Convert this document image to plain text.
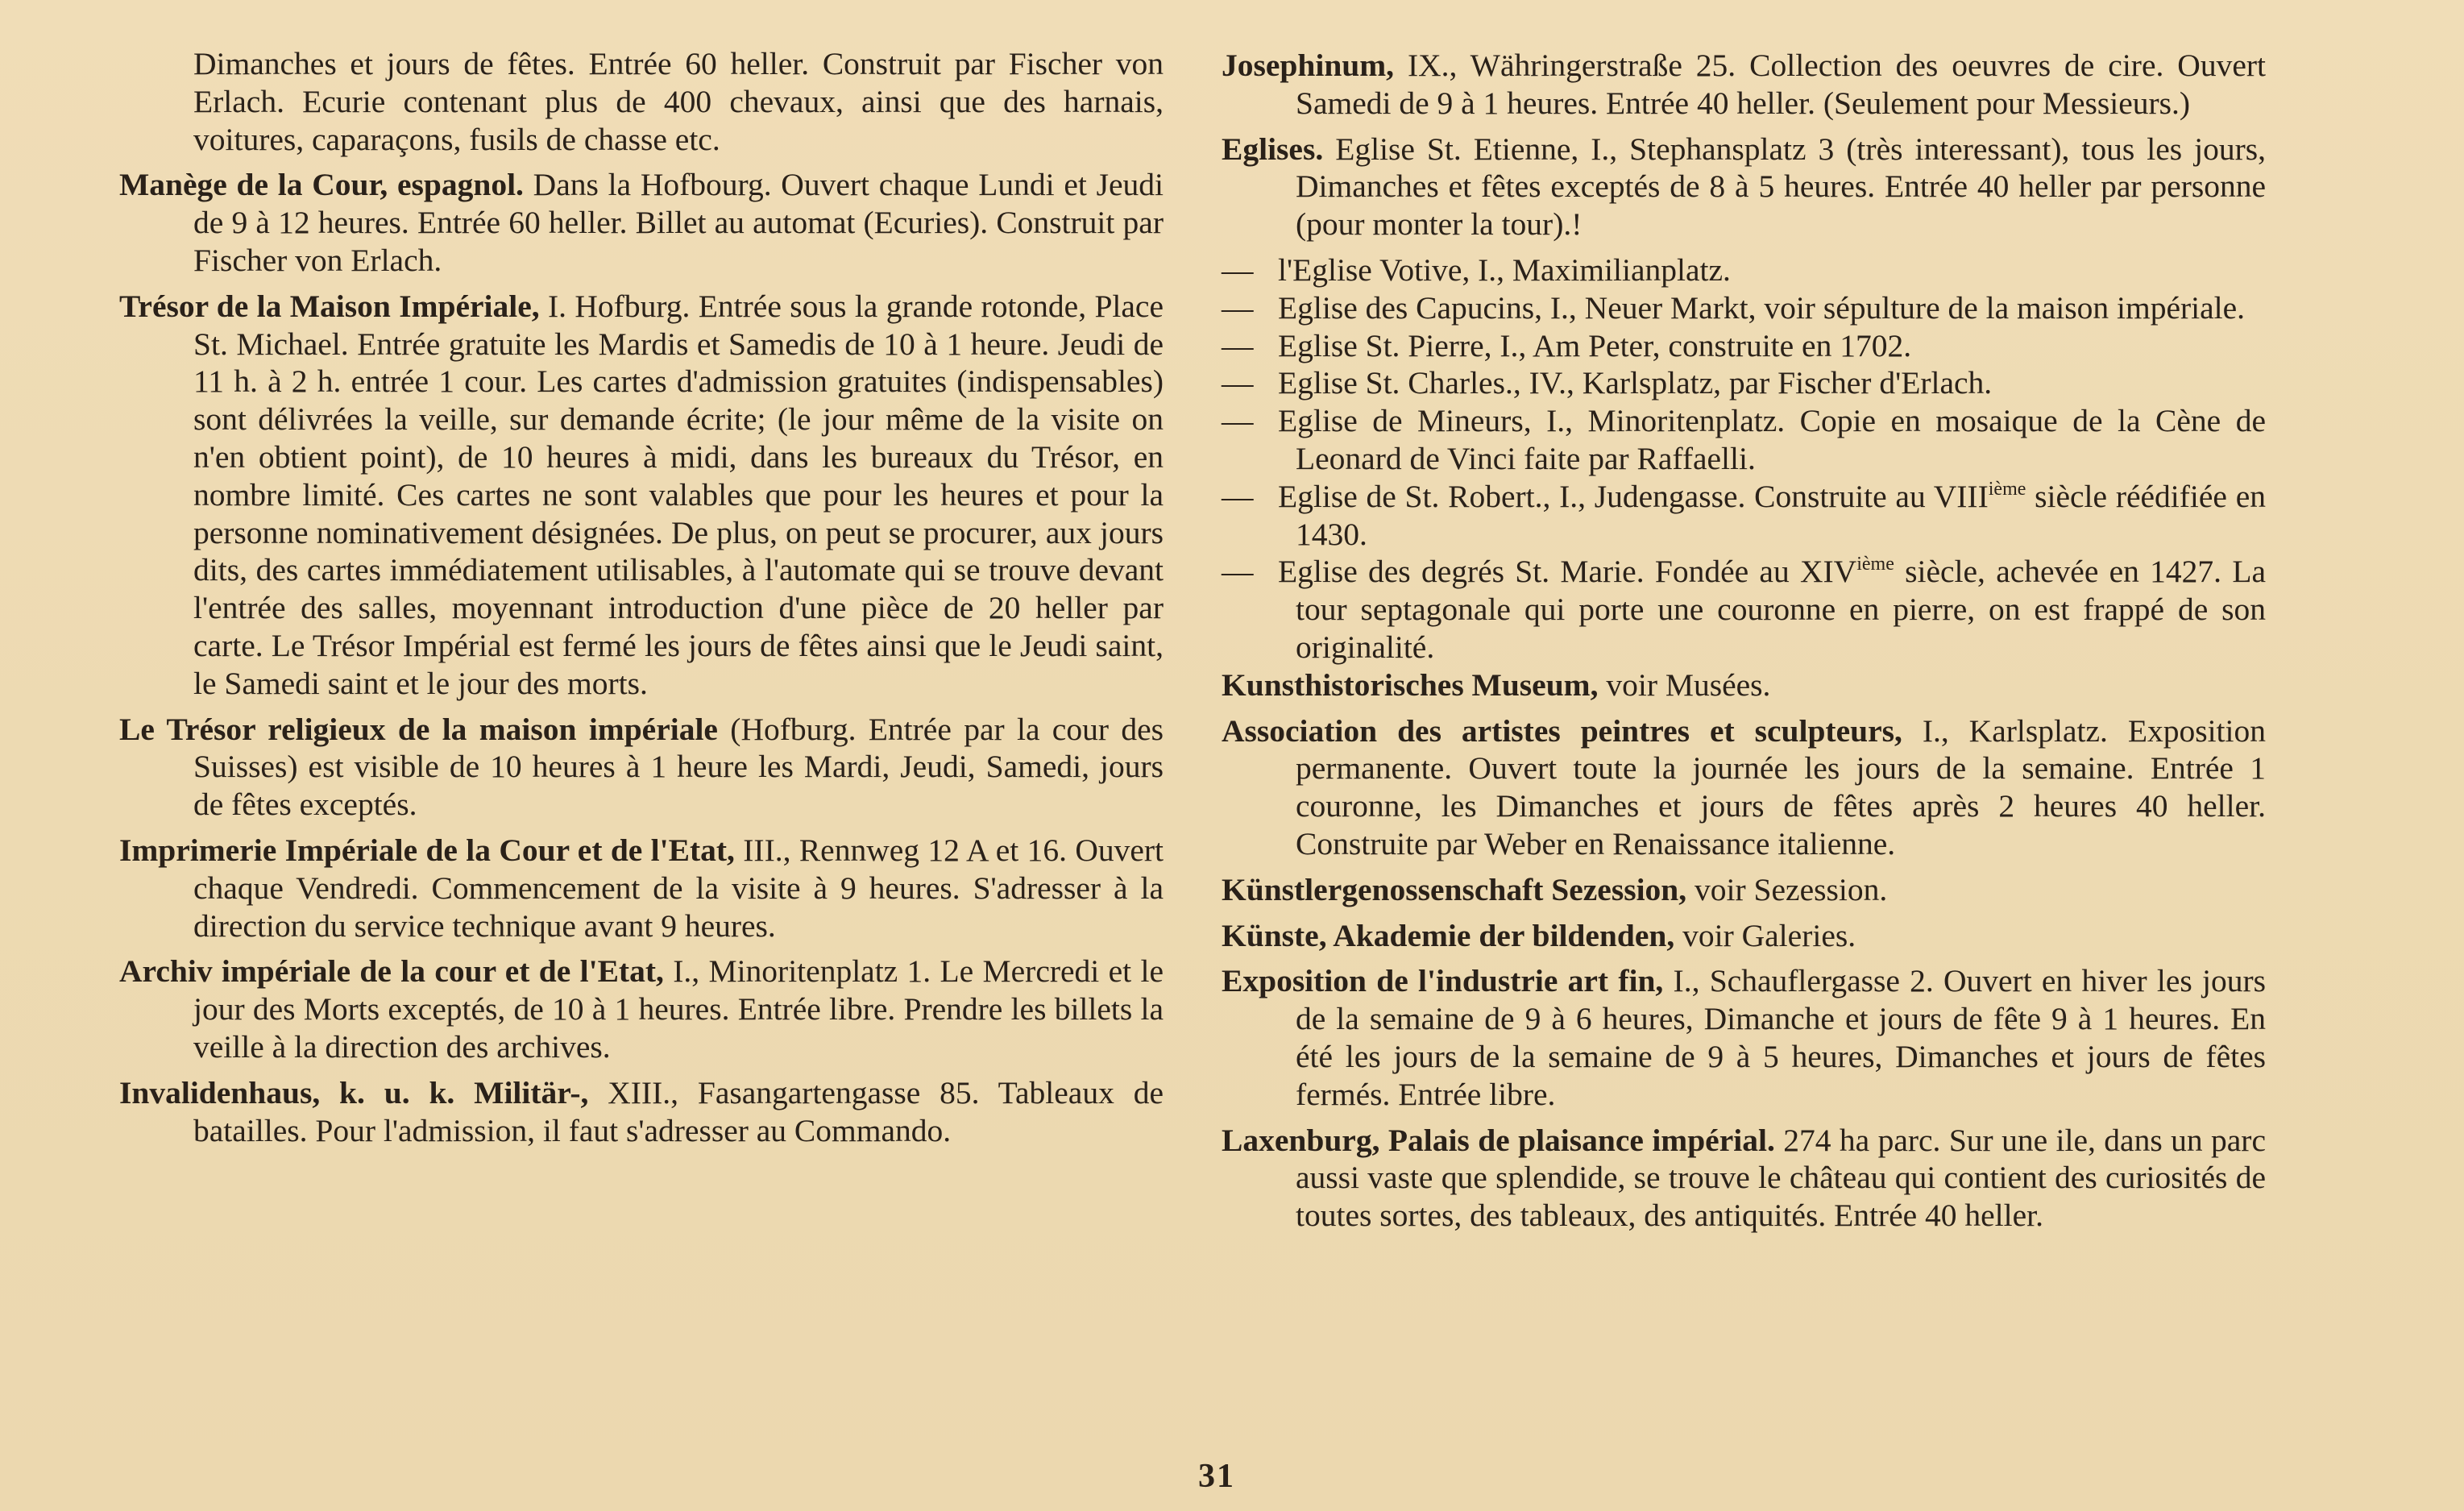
Dimanches et jours de fêtes. Entrée 60 heller. Construit par Fischer von Erlach. Ecurie contenant plus de 400 chevaux, ainsi que des harnais, voitures, caparaçons, fusils de chasse etc.

Manège de la Cour, espagnol. Dans la Hofbourg. Ouvert chaque Lundi et Jeudi de 9 à 12 heures. Entrée 60 heller. Billet au automat (Ecuries). Construit par Fischer von Erlach.

Trésor de la Maison Impériale, I. Hofburg. Entrée sous la grande rotonde, Place St. Michael. Entrée gratuite les Mardis et Samedis de 10 à 1 heure. Jeudi de 11 h. à 2 h. entrée 1 cour. Les cartes d'admission gratuites (indispensables) sont délivrées la veille, sur demande écrite; (le jour même de la visite on n'en obtient point), de 10 heures à midi, dans les bureaux du Trésor, en nombre limité. Ces cartes ne sont valables que pour les heures et pour la personne nominativement désignées. De plus, on peut se procurer, aux jours dits, des cartes immédiatement utilisables, à l'automate qui se trouve devant l'entrée des salles, moyennant introduction d'une pièce de 20 heller par carte. Le Trésor Impérial est fermé les jours de fêtes ainsi que le Jeudi saint, le Samedi saint et le jour des morts.

Le Trésor religieux de la maison impériale (Hofburg. Entrée par la cour des Suisses) est visible de 10 heures à 1 heure les Mardi, Jeudi, Samedi, jours de fêtes exceptés.

Imprimerie Impériale de la Cour et de l'Etat, III., Rennweg 12 A et 16. Ouvert chaque Vendredi. Commencement de la visite à 9 heures. S'adresser à la direction du service technique avant 9 heures.

Archiv impériale de la cour et de l'Etat, I., Minoritenplatz 1. Le Mercredi et le jour des Morts exceptés, de 10 à 1 heures. Entrée libre. Prendre les billets la veille à la direction des archives.

Invalidenhaus, k. u. k. Militär-, XIII., Fasangartengasse 85. Tableaux de batailles. Pour l'admission, il faut s'adresser au Commando.

Josephinum, IX., Währingerstraße 25. Collection des oeuvres de cire. Ouvert Samedi de 9 à 1 heures. Entrée 40 heller. (Seulement pour Messieurs.)

Eglises. Eglise St. Etienne, I., Stephansplatz 3 (très interessant), tous les jours, Dimanches et fêtes exceptés de 8 à 5 heures. Entrée 40 heller par personne (pour monter la tour).!

— l'Eglise Votive, I., Maximilianplatz.

— Eglise des Capucins, I., Neuer Markt, voir sépulture de la maison impériale.

— Eglise St. Pierre, I., Am Peter, construite en 1702.

— Eglise St. Charles., IV., Karlsplatz, par Fischer d'Erlach.

— Eglise de Mineurs, I., Minoritenplatz. Copie en mosaique de la Cène de Leonard de Vinci faite par Raffaelli.

— Eglise de St. Robert., I., Judengasse. Construite au VIIIième siècle réédifiée en 1430.

— Eglise des degrés St. Marie. Fondée au XIVième siècle, achevée en 1427. La tour septagonale qui porte une couronne en pierre, on est frappé de son originalité.

Kunsthistorisches Museum, voir Musées.

Association des artistes peintres et sculpteurs, I., Karlsplatz. Exposition permanente. Ouvert toute la journée les jours de la semaine. Entrée 1 couronne, les Dimanches et jours de fêtes après 2 heures 40 heller. Construite par Weber en Renaissance italienne.

Künstlergenossenschaft Sezession, voir Sezession.

Künste, Akademie der bildenden, voir Galeries.

Exposition de l'industrie art fin, I., Schauflergasse 2. Ouvert en hiver les jours de la semaine de 9 à 6 heures, Dimanche et jours de fête 9 à 1 heures. En été les jours de la semaine de 9 à 5 heures, Dimanches et jours de fêtes fermés. Entrée libre.

Laxenburg, Palais de plaisance impérial. 274 ha parc. Sur une ile, dans un parc aussi vaste que splendide, se trouve le château qui contient des curiosités de toutes sortes, des tableaux, des antiquités. Entrée 40 heller.

31
